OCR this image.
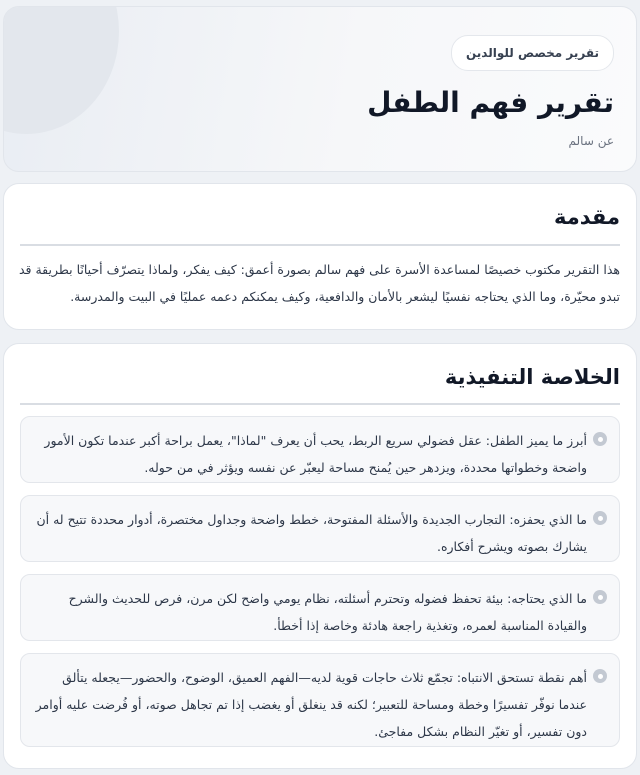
تقرير مخصص للوالدين
تقرير فهم الطفل
عن سالم
مقدمة

هذا التقرير مكتوب خصيصًا لمساعدة الأسرة على فهم سالم بصورة أعمق: كيف يفكر، ولماذا يتصرّف أحيانًا بطريقة قد تبدو محيّرة، وما الذي يحتاجه نفسيًا ليشعر بالأمان والدافعية، وكيف يمكنكم دعمه عمليًا في البيت والمدرسة.

الخلاصة التنفيذية

أبرز ما يميز الطفل: عقل فضولي سريع الربط، يحب أن يعرف "لماذا"، يعمل براحة أكبر عندما تكون الأمور واضحة وخطواتها محددة، ويزدهر حين يُمنح مساحة ليعبّر عن نفسه ويؤثر في من حوله.

ما الذي يحفزه: التجارب الجديدة والأسئلة المفتوحة، خطط واضحة وجداول مختصرة، أدوار محددة تتيح له أن يشارك بصوته ويشرح أفكاره.

ما الذي يحتاجه: بيئة تحفظ فضوله وتحترم أسئلته، نظام يومي واضح لكن مرن، فرص للحديث والشرح والقيادة المناسبة لعمره، وتغذية راجعة هادئة وخاصة إذا أخطأ.

أهم نقطة تستحق الانتباه: تجمّع ثلاث حاجات قوية لديه—الفهم العميق، الوضوح، والحضور—يجعله يتألق عندما نوفّر تفسيرًا وخطة ومساحة للتعبير؛ لكنه قد ينغلق أو يغضب إذا تم تجاهل صوته، أو فُرضت عليه أوامر دون تفسير، أو تغيّر النظام بشكل مفاجئ.
